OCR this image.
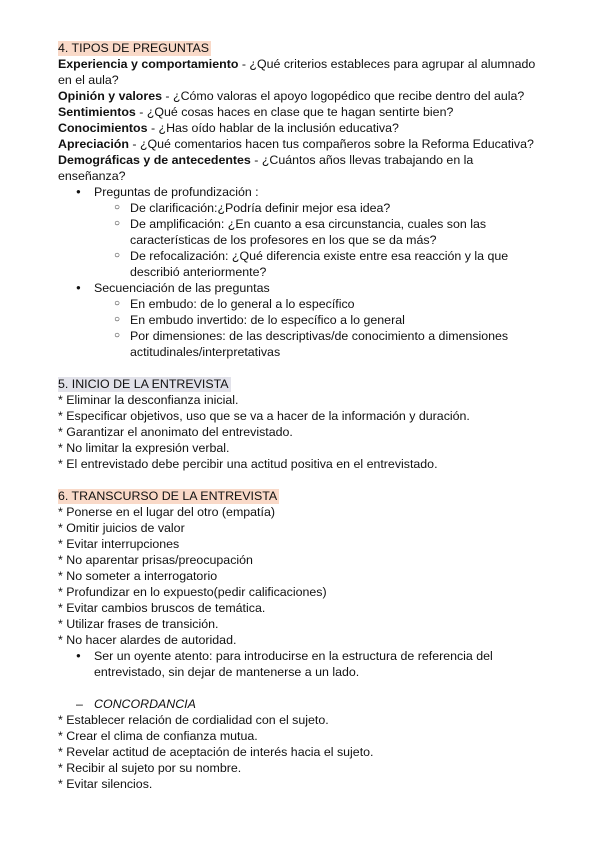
4. TIPOS DE PREGUNTAS

Experiencia y comportamiento - ¿Qué criterios estableces para agrupar al alumnado en el aula?

Opinión y valores - ¿Cómo valoras el apoyo logopédico que recibe dentro del aula?

Sentimientos - ¿Qué cosas haces en clase que te hagan sentirte bien?

Conocimientos - ¿Has oído hablar de la inclusión educativa?

Apreciación - ¿Qué comentarios hacen tus compañeros sobre la Reforma Educativa?

Demográficas y de antecedentes - ¿Cuántos años llevas trabajando en la enseñanza?

● Preguntas de profundización :
○ De clarificación:¿Podría definir mejor esa idea?
○ De amplificación: ¿En cuanto a esa circunstancia, cuales son las características de los profesores en los que se da más?
○ De refocalización: ¿Qué diferencia existe entre esa reacción y la que describió anteriormente?
● Secuenciación de las preguntas
○ En embudo: de lo general a lo específico
○ En embudo invertido: de lo específico a lo general
○ Por dimensiones: de las descriptivas/de conocimiento a dimensiones actitudinales/interpretativas

5. INICIO DE LA ENTREVISTA

* Eliminar la desconfianza inicial.

* Especificar objetivos, uso que se va a hacer de la información y duración.

* Garantizar el anonimato del entrevistado.

* No limitar la expresión verbal.

* El entrevistado debe percibir una actitud positiva en el entrevistado.

6. TRANSCURSO DE LA ENTREVISTA

* Ponerse en el lugar del otro (empatía)

* Omitir juicios de valor

* Evitar interrupciones

* No aparentar prisas/preocupación

* No someter a interrogatorio

* Profundizar en lo expuesto(pedir calificaciones)

* Evitar cambios bruscos de temática.

* Utilizar frases de transición.

* No hacer alardes de autoridad.

● Ser un oyente atento: para introducirse en la estructura de referencia del entrevistado, sin dejar de mantenerse a un lado.

– CONCORDANCIA

* Establecer relación de cordialidad con el sujeto.

* Crear el clima de confianza mutua.

* Revelar actitud de aceptación de interés hacia el sujeto.

* Recibir al sujeto por su nombre.

* Evitar silencios.
